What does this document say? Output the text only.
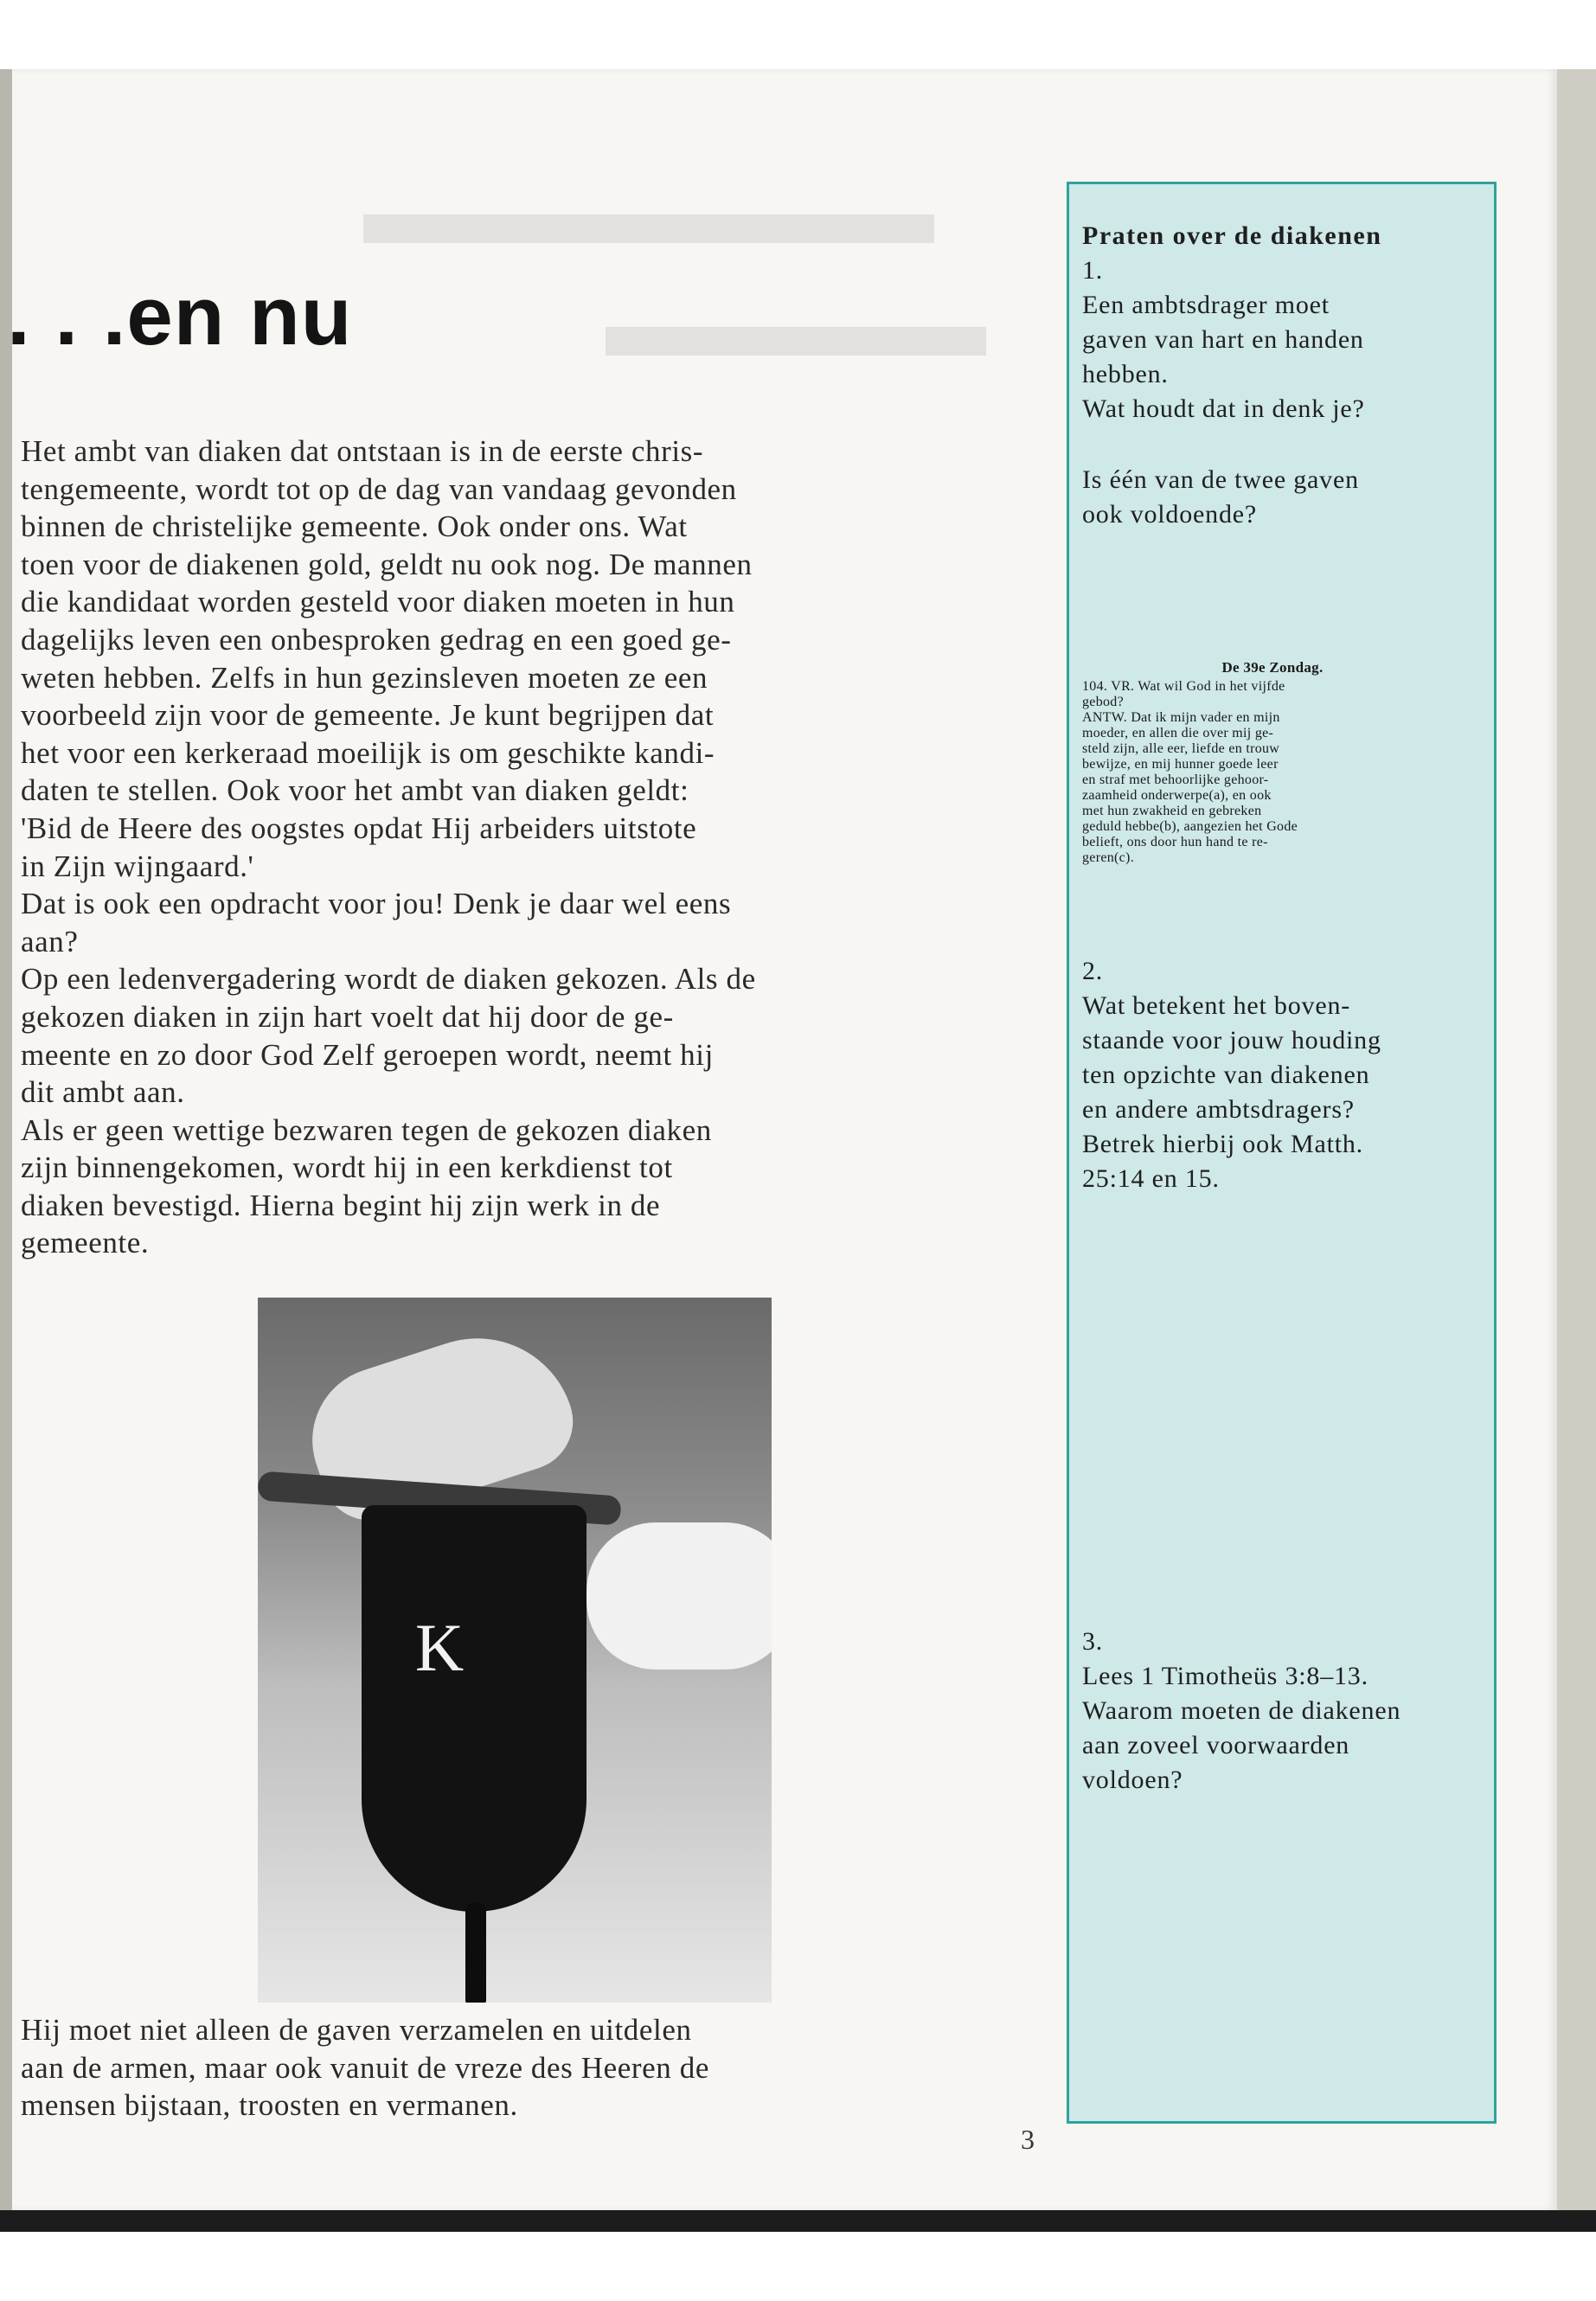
▬▬▬▬▬▬
▬▬▬▬
. . .en nu
Het ambt van diaken dat ontstaan is in de eerste chris-
tengemeente, wordt tot op de dag van vandaag gevonden
binnen de christelijke gemeente. Ook onder ons. Wat
toen voor de diakenen gold, geldt nu ook nog. De mannen
die kandidaat worden gesteld voor diaken moeten in hun
dagelijks leven een onbesproken gedrag en een goed ge-
weten hebben. Zelfs in hun gezinsleven moeten ze een
voorbeeld zijn voor de gemeente. Je kunt begrijpen dat
het voor een kerkeraad moeilijk is om geschikte kandi-
daten te stellen. Ook voor het ambt van diaken geldt:
'Bid de Heere des oogstes opdat Hij arbeiders uitstote
in Zijn wijngaard.'
Dat is ook een opdracht voor jou! Denk je daar wel eens
aan?
Op een ledenvergadering wordt de diaken gekozen. Als de
gekozen diaken in zijn hart voelt dat hij door de ge-
meente en zo door God Zelf geroepen wordt, neemt hij
dit ambt aan.
Als er geen wettige bezwaren tegen de gekozen diaken
zijn binnengekomen, wordt hij in een kerkdienst tot
diaken bevestigd. Hierna begint hij zijn werk in de
gemeente.
K
Hij moet niet alleen de gaven verzamelen en uitdelen
aan de armen, maar ook vanuit de vreze des Heeren de
mensen bijstaan, troosten en vermanen.
3
Praten over de diakenen
1.
Een ambtsdrager moet
gaven van hart en handen
hebben.
Wat houdt dat in denk je?
Is één van de twee gaven
ook voldoende?
De 39e Zondag.
104. VR. Wat wil God in het vijfde
gebod?
ANTW. Dat ik mijn vader en mijn
moeder, en allen die over mij ge-
steld zijn, alle eer, liefde en trouw
bewijze, en mij hunner goede leer
en straf met behoorlijke gehoor-
zaamheid onderwerpe(a), en ook
met hun zwakheid en gebreken
geduld hebbe(b), aangezien het Gode
belieft, ons door hun hand te re-
geren(c).
2.
Wat betekent het boven-
staande voor jouw houding
ten opzichte van diakenen
en andere ambtsdragers?
Betrek hierbij ook Matth.
25:14 en 15.
3.
Lees 1 Timotheüs 3:8–13.
Waarom moeten de diakenen
aan zoveel voorwaarden
voldoen?
